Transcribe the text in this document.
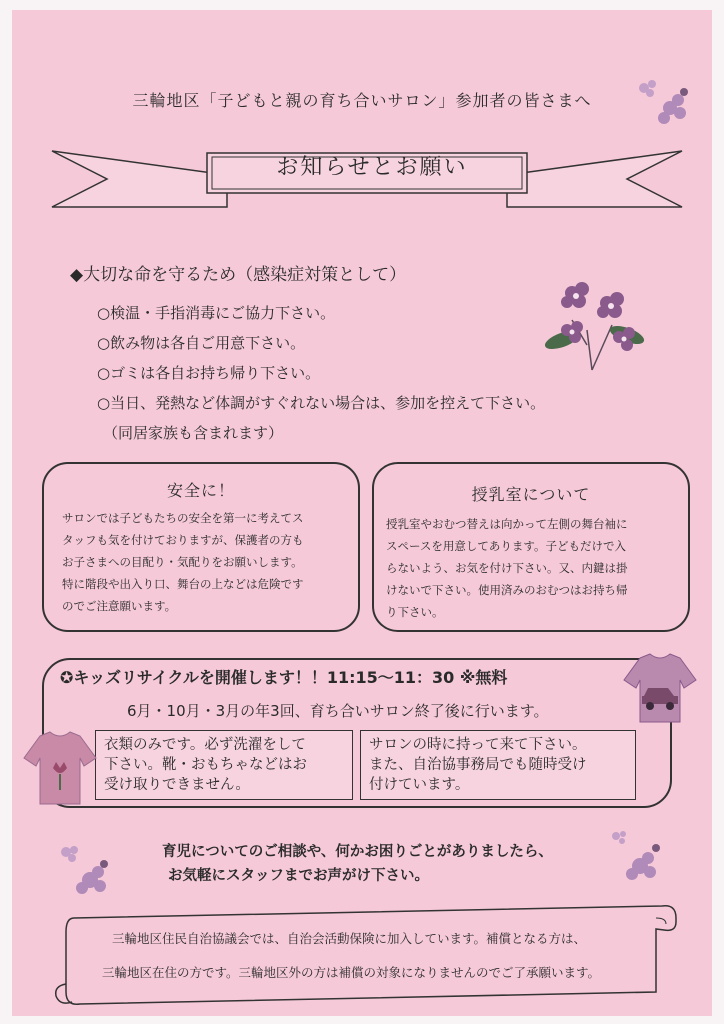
三輪地区「子どもと親の育ち合いサロン」参加者の皆さまへ
お知らせとお願い
◆大切な命を守るため（感染症対策として）
○検温・手指消毒にご協力下さい。
○飲み物は各自ご用意下さい。
○ゴミは各自お持ち帰り下さい。
○当日、発熱など体調がすぐれない場合は、参加を控えて下さい。
（同居家族も含まれます）
安全に！
サロンでは子どもたちの安全を第一に考えてス
タッフも気を付けておりますが、保護者の方も
お子さまへの目配り・気配りをお願いします。
特に階段や出入り口、舞台の上などは危険です
のでご注意願います。
授乳室について
授乳室やおむつ替えは向かって左側の舞台袖に
スペースを用意してあります。子どもだけで入
らないよう、お気を付け下さい。又、内鍵は掛
けないで下さい。使用済みのおむつはお持ち帰
り下さい。
✪キッズリサイクルを開催します！！11:15～11：30 ※無料
6月・10月・3月の年3回、育ち合いサロン終了後に行います。
衣類のみです。必ず洗濯をして
下さい。靴・おもちゃなどはお
受け取りできません。
サロンの時に持って来て下さい。
また、自治協事務局でも随時受け
付けています。
育児についてのご相談や、何かお困りごとがありましたら、
お気軽にスタッフまでお声がけ下さい。
三輪地区住民自治協議会では、自治会活動保険に加入しています。補償となる方は、
三輪地区在住の方です。三輪地区外の方は補償の対象になりませんのでご了承願います。
